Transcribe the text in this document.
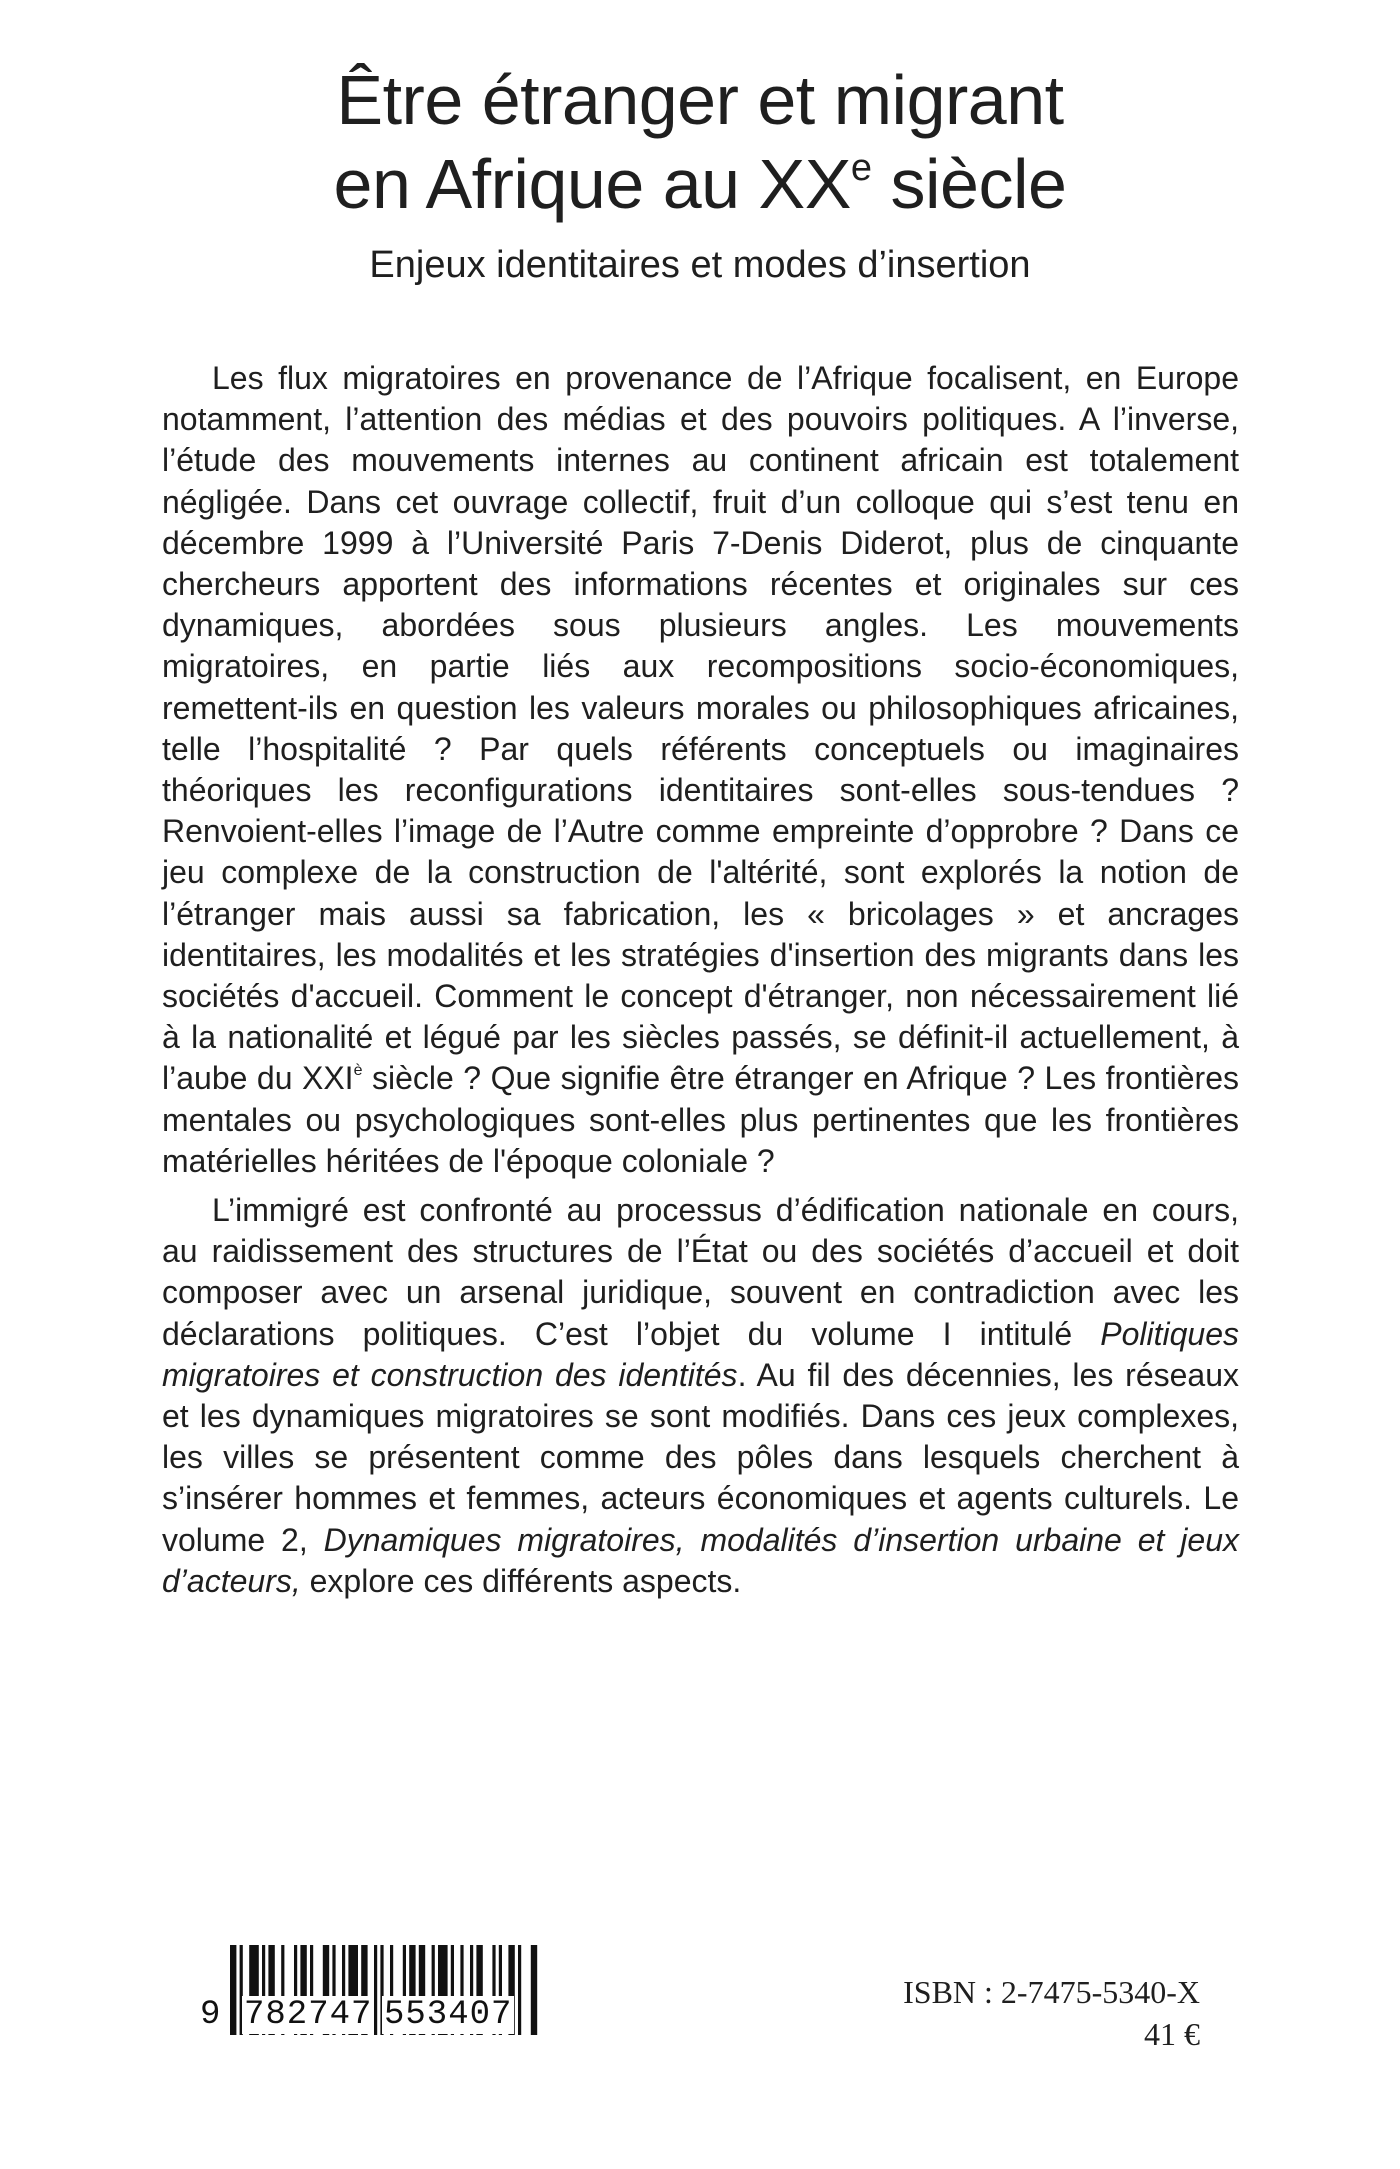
Être étranger et migrant
en Afrique au XXe siècle
Enjeux identitaires et modes d’insertion

Les flux migratoires en provenance de l’Afrique focalisent, en Europe notamment, l’attention des médias et des pouvoirs politiques. A l’inverse, l’étude des mouvements internes au continent africain est totalement négligée. Dans cet ouvrage collectif, fruit d’un colloque qui s’est tenu en décembre 1999 à l’Université Paris 7-Denis Diderot, plus de cinquante chercheurs apportent des informations récentes et originales sur ces dynamiques, abordées sous plusieurs angles. Les mouvements migratoires, en partie liés aux recompositions socio-économiques, remettent-ils en question les valeurs morales ou philosophiques africaines, telle l’hospitalité ? Par quels référents conceptuels ou imaginaires théoriques les reconfigurations identitaires sont-elles sous-tendues ? Renvoient-elles l’image de l’Autre comme empreinte d’opprobre ? Dans ce jeu complexe de la construction de l'altérité, sont explorés la notion de l’étranger mais aussi sa fabrication, les « bricolages » et ancrages identitaires, les modalités et les stratégies d'insertion des migrants dans les sociétés d'accueil. Comment le concept d'étranger, non nécessairement lié à la nationalité et légué par les siècles passés, se définit-il actuellement, à l’aube du $XXI^è$ siècle ? Que signifie être étranger en Afrique ? Les frontières mentales ou psychologiques sont-elles plus pertinentes que les frontières matérielles héritées de l'époque coloniale ?

L’immigré est confronté au processus d’édification nationale en cours, au raidissement des structures de l’État ou des sociétés d’accueil et doit composer avec un arsenal juridique, souvent en contradiction avec les déclarations politiques. C’est l’objet du volume I intitulé Politiques migratoires et construction des identités. Au fil des décennies, les réseaux et les dynamiques migratoires se sont modifiés. Dans ces jeux complexes, les villes se présentent comme des pôles dans lesquels cherchent à s’insérer hommes et femmes, acteurs économiques et agents culturels. Le volume 2, Dynamiques migratoires, modalités d’insertion urbaine et jeux d’acteurs, explore ces différents aspects.

9 782747 553407
ISBN : 2-7475-5340-X
41 €
